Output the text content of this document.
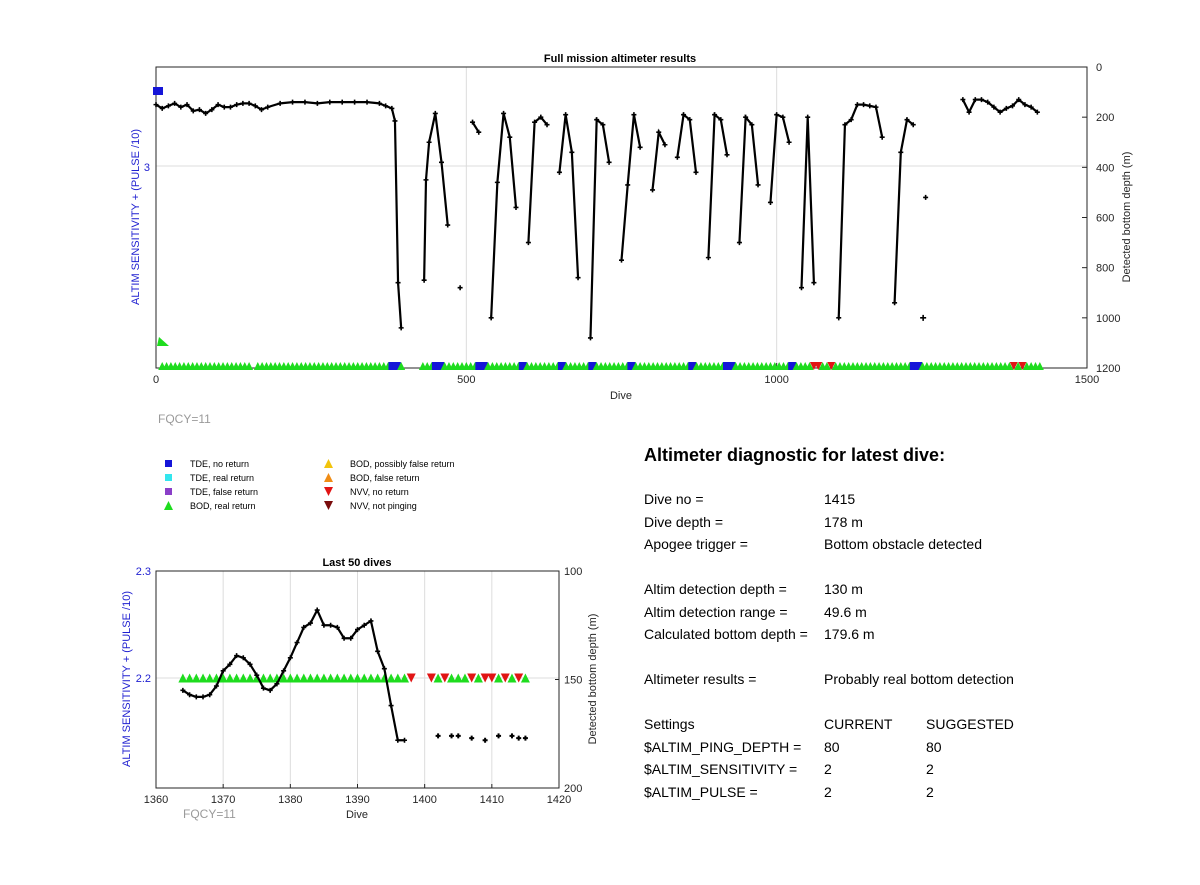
Full mission altimeter results
0	500	1000	1500
0
200
400
600
800
1000
1200
3
Dive
ALTIM SENSITIVITY + (PULSE /10)	Detected bottom depth (m)
Last 50 dives
1360	1370	1380	1390	1400	1410	1420
100
150
200
2.3
2.2
Dive
ALTIM SENSITIVITY + (PULSE /10)	Detected bottom depth (m)
FQCY=11
FQCY=11
TDE, no return
TDE, real return
TDE, false return
BOD, real return
BOD, possibly false return
BOD, false return
NVV, no return
NVV, not pinging
Altimeter diagnostic for latest dive:
Dive no =	1415
Dive depth =	178 m
Apogee trigger =	Bottom obstacle detected
Altim detection depth =	130 m
Altim detection range =	49.6 m
Calculated bottom depth =	179.6 m
Altimeter results =	Probably real bottom detection
Settings	CURRENT	SUGGESTED
$ALTIM_PING_DEPTH =	80	80
$ALTIM_SENSITIVITY =	2	2
$ALTIM_PULSE =	2	2
